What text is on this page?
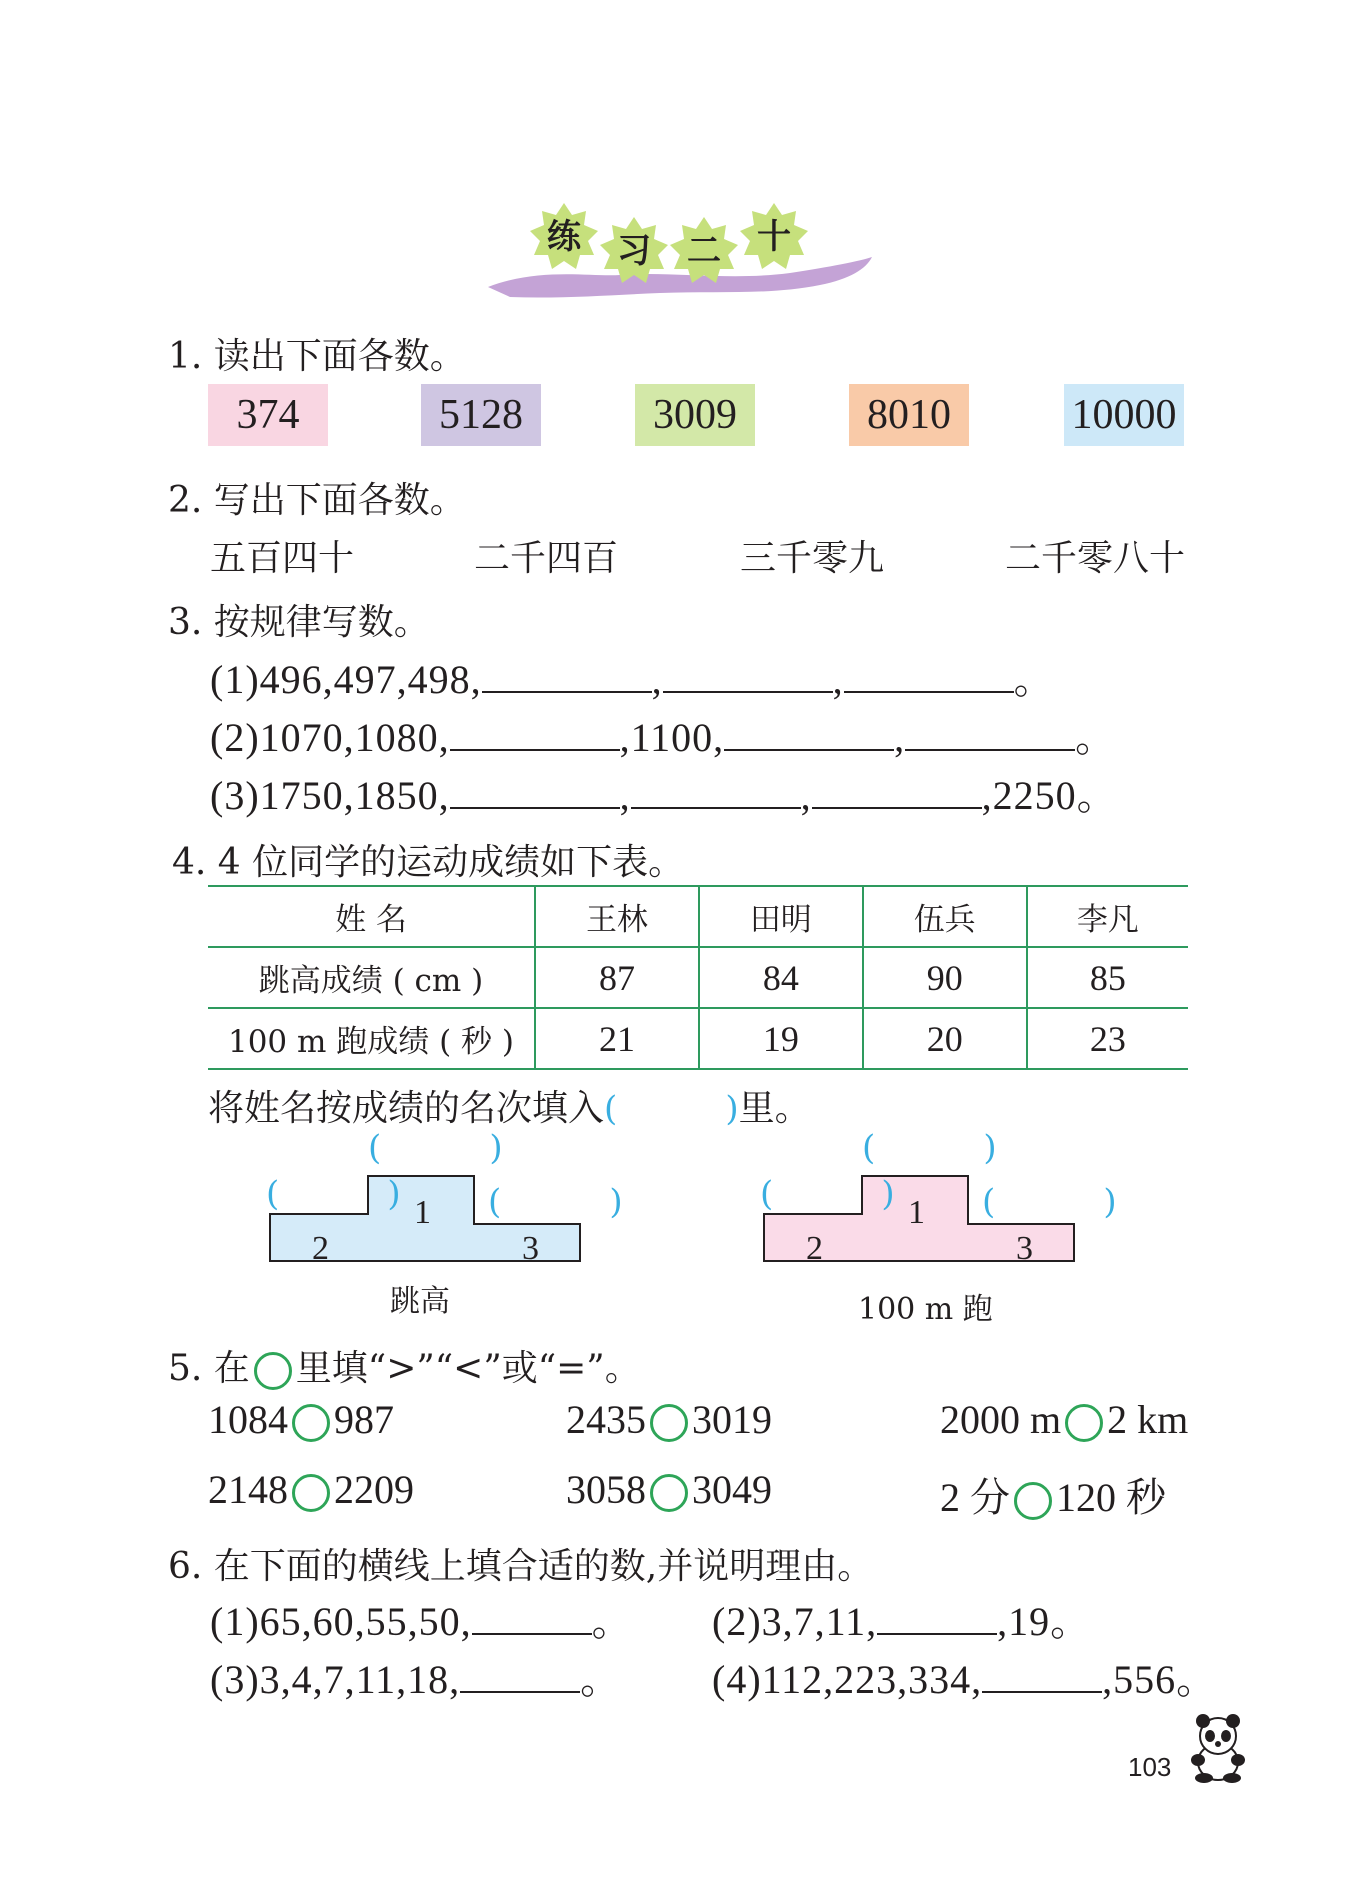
练	习	二	十
1. 读出下面各数。
374	5128	3009	8010	10000
2. 写出下面各数。
五百四十	二千四百	三千零九	二千零八十
3. 按规律写数。
(1)496,497,498,	,	,	。
(2)1070,1080,	,1100,	,	。
(3)1750,1850,	,	,	,2250。
4. 4 位同学的运动成绩如下表。
姓 名	王林	田明	伍兵	李凡
跳高成绩 ( cm )	87	84	90	85
100 m 跑成绩 ( 秒 )	21	19	20	23
将姓名按成绩的名次填入(          )里。
1
2	3
(          )
(          )	(          )
跳高
1
2	3
(          )
(          )	(          )
100 m 跑
5. 在 里填“>”“<”或“=”。
1084 987	2435 3019	2000 m 2 km
2148 2209	3058 3049	2 分 120 秒
6. 在下面的横线上填合适的数,并说明理由。
(1)65,60,55,50,	。 (2)3,7,11,	,19。
(3)3,4,7,11,18,	。 (4)112,223,334,	,556。
103
